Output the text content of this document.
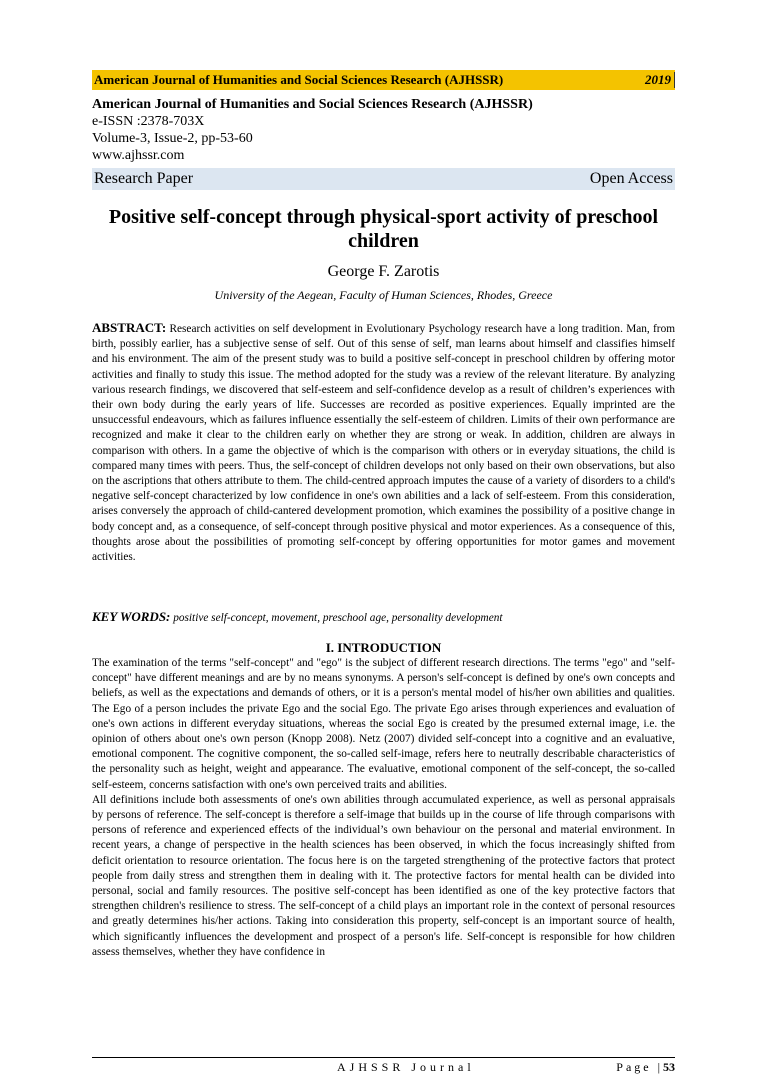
American Journal of Humanities and Social Sciences Research (AJHSSR)	2019
American Journal of Humanities and Social Sciences Research (AJHSSR)
e-ISSN :2378-703X
Volume-3, Issue-2, pp-53-60
www.ajhssr.com
Research Paper	Open Access
Positive self-concept through physical-sport activity of preschool children
George F. Zarotis
University of the Aegean, Faculty of Human Sciences, Rhodes, Greece
ABSTRACT: Research activities on self development in Evolutionary Psychology research have a long tradition. Man, from birth, possibly earlier, has a subjective sense of self. Out of this sense of self, man learns about himself and classifies himself and his environment. The aim of the present study was to build a positive self-concept in preschool children by offering motor activities and finally to study this issue. The method adopted for the study was a review of the relevant literature. By analyzing various research findings, we discovered that self-esteem and self-confidence develop as a result of children’s experiences with their own body during the early years of life. Successes are recorded as positive experiences. Equally imprinted are the unsuccessful endeavours, which as failures influence essentially the self-esteem of children. Limits of their own performance are recognized and make it clear to the children early on whether they are strong or weak. In addition, children are always in comparison with others. In a game the objective of which is the comparison with others or in everyday situations, the child is compared many times with peers. Thus, the self-concept of children develops not only based on their own observations, but also on the ascriptions that others attribute to them. The child-centred approach imputes the cause of a variety of disorders to a child's negative self-concept characterized by low confidence in one's own abilities and a lack of self-esteem. From this consideration, arises conversely the approach of child-cantered development promotion, which examines the possibility of a positive change in body concept and, as a consequence, of self-concept through positive physical and motor experiences. As a consequence of this, thoughts arose about the possibilities of promoting self-concept by offering opportunities for motor games and movement activities.
KEY WORDS: positive self-concept, movement, preschool age, personality development
I. INTRODUCTION

The examination of the terms "self-concept" and "ego" is the subject of different research directions. The terms "ego" and "self-concept" have different meanings and are by no means synonyms. A person's self-concept is defined by one's own concepts and beliefs, as well as the expectations and demands of others, or it is a person's mental model of his/her own abilities and qualities. The Ego of a person includes the private Ego and the social Ego. The private Ego arises through experiences and evaluation of one's own actions in different everyday situations, whereas the social Ego is created by the presumed external image, i.e. the opinion of others about one's own person (Knopp 2008). Netz (2007) divided self-concept into a cognitive and an evaluative, emotional component. The cognitive component, the so-called self-image, refers here to neutrally describable characteristics of the personality such as height, weight and appearance. The evaluative, emotional component of the self-concept, the so-called self-esteem, concerns satisfaction with one's own perceived traits and abilities.

All definitions include both assessments of one's own abilities through accumulated experience, as well as personal appraisals by persons of reference. The self-concept is therefore a self-image that builds up in the course of life through comparisons with persons of reference and experienced effects of the individual’s own behaviour on the personal and material environment. In recent years, a change of perspective in the health sciences has been observed, in which the focus increasingly shifted from deficit orientation to resource orientation. The focus here is on the targeted strengthening of the protective factors that protect people from daily stress and strengthen them in dealing with it. The protective factors for mental health can be divided into personal, social and family resources. The positive self-concept has been identified as one of the key protective factors that strengthen children's resilience to stress. The self-concept of a child plays an important role in the context of personal resources and greatly determines his/her actions. Taking into consideration this property, self-concept is an important source of health, which significantly influences the development and prospect of a person's life. Self-concept is responsible for how children assess themselves, whether they have confidence in

AJHSSR Journal	Page |53
